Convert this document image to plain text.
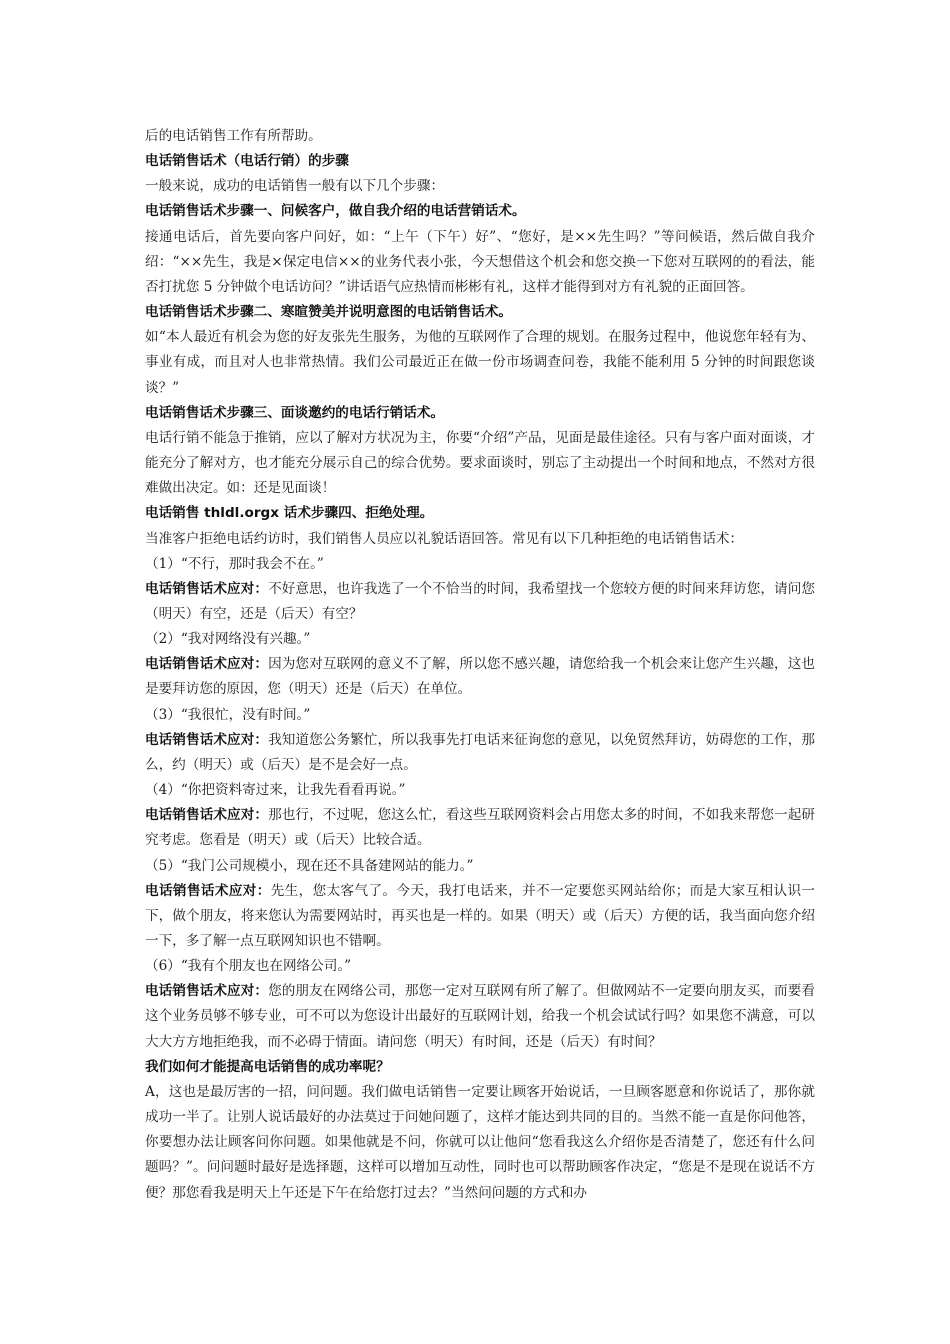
后的电话销售工作有所帮助。

电话销售话术（电话行销）的步骤

一般来说，成功的电话销售一般有以下几个步骤：

电话销售话术步骤一、问候客户，做自我介绍的电话营销话术。

接通电话后，首先要向客户问好，如：“上午（下午）好”、“您好，是××先生吗？”等问候语，然后做自我介绍：“××先生，我是×保定电信××的业务代表小张，今天想借这个机会和您交换一下您对互联网的的看法，能否打扰您 5 分钟做个电话访问？”讲话语气应热情而彬彬有礼，这样才能得到对方有礼貌的正面回答。

电话销售话术步骤二、寒暄赞美并说明意图的电话销售话术。

如“本人最近有机会为您的好友张先生服务，为他的互联网作了合理的规划。在服务过程中，他说您年轻有为、事业有成，而且对人也非常热情。我们公司最近正在做一份市场调查问卷，我能不能利用 5 分钟的时间跟您谈谈？”

电话销售话术步骤三、面谈邀约的电话行销话术。

电话行销不能急于推销，应以了解对方状况为主，你要“介绍”产品，见面是最佳途径。只有与客户面对面谈，才能充分了解对方，也才能充分展示自己的综合优势。要求面谈时，别忘了主动提出一个时间和地点，不然对方很难做出决定。如：还是见面谈！

电话销售 thldl.orgx 话术步骤四、拒绝处理。

当准客户拒绝电话约访时，我们销售人员应以礼貌话语回答。常见有以下几种拒绝的电话销售话术：

（1）“不行，那时我会不在。”

电话销售话术应对：不好意思，也许我选了一个不恰当的时间，我希望找一个您较方便的时间来拜访您，请问您（明天）有空，还是（后天）有空？

（2）“我对网络没有兴趣。”

电话销售话术应对：因为您对互联网的意义不了解，所以您不感兴趣，请您给我一个机会来让您产生兴趣，这也是要拜访您的原因，您（明天）还是（后天）在单位。

（3）“我很忙，没有时间。”

电话销售话术应对：我知道您公务繁忙，所以我事先打电话来征询您的意见，以免贸然拜访，妨碍您的工作，那么，约（明天）或（后天）是不是会好一点。

（4）“你把资料寄过来，让我先看看再说。”

电话销售话术应对：那也行，不过呢，您这么忙，看这些互联网资料会占用您太多的时间，不如我来帮您一起研究考虑。您看是（明天）或（后天）比较合适。

（5）“我门公司规模小，现在还不具备建网站的能力。”

电话销售话术应对：先生，您太客气了。今天，我打电话来，并不一定要您买网站给你；而是大家互相认识一下，做个朋友，将来您认为需要网站时，再买也是一样的。如果（明天）或（后天）方便的话，我当面向您介绍一下，多了解一点互联网知识也不错啊。

（6）“我有个朋友也在网络公司。”

电话销售话术应对：您的朋友在网络公司，那您一定对互联网有所了解了。但做网站不一定要向朋友买，而要看这个业务员够不够专业，可不可以为您设计出最好的互联网计划，给我一个机会试试行吗？如果您不满意，可以大大方方地拒绝我，而不必碍于情面。请问您（明天）有时间，还是（后天）有时间？

我们如何才能提高电话销售的成功率呢？

A，这也是最厉害的一招，问问题。我们做电话销售一定要让顾客开始说话，一旦顾客愿意和你说话了，那你就成功一半了。让别人说话最好的办法莫过于问她问题了，这样才能达到共同的目的。当然不能一直是你问他答，你要想办法让顾客问你问题。如果他就是不问，你就可以让他问“您看我这么介绍你是否清楚了，您还有什么问题吗？”。问问题时最好是选择题，这样可以增加互动性，同时也可以帮助顾客作决定，“您是不是现在说话不方便？那您看我是明天上午还是下午在给您打过去？”当然问问题的方式和办
